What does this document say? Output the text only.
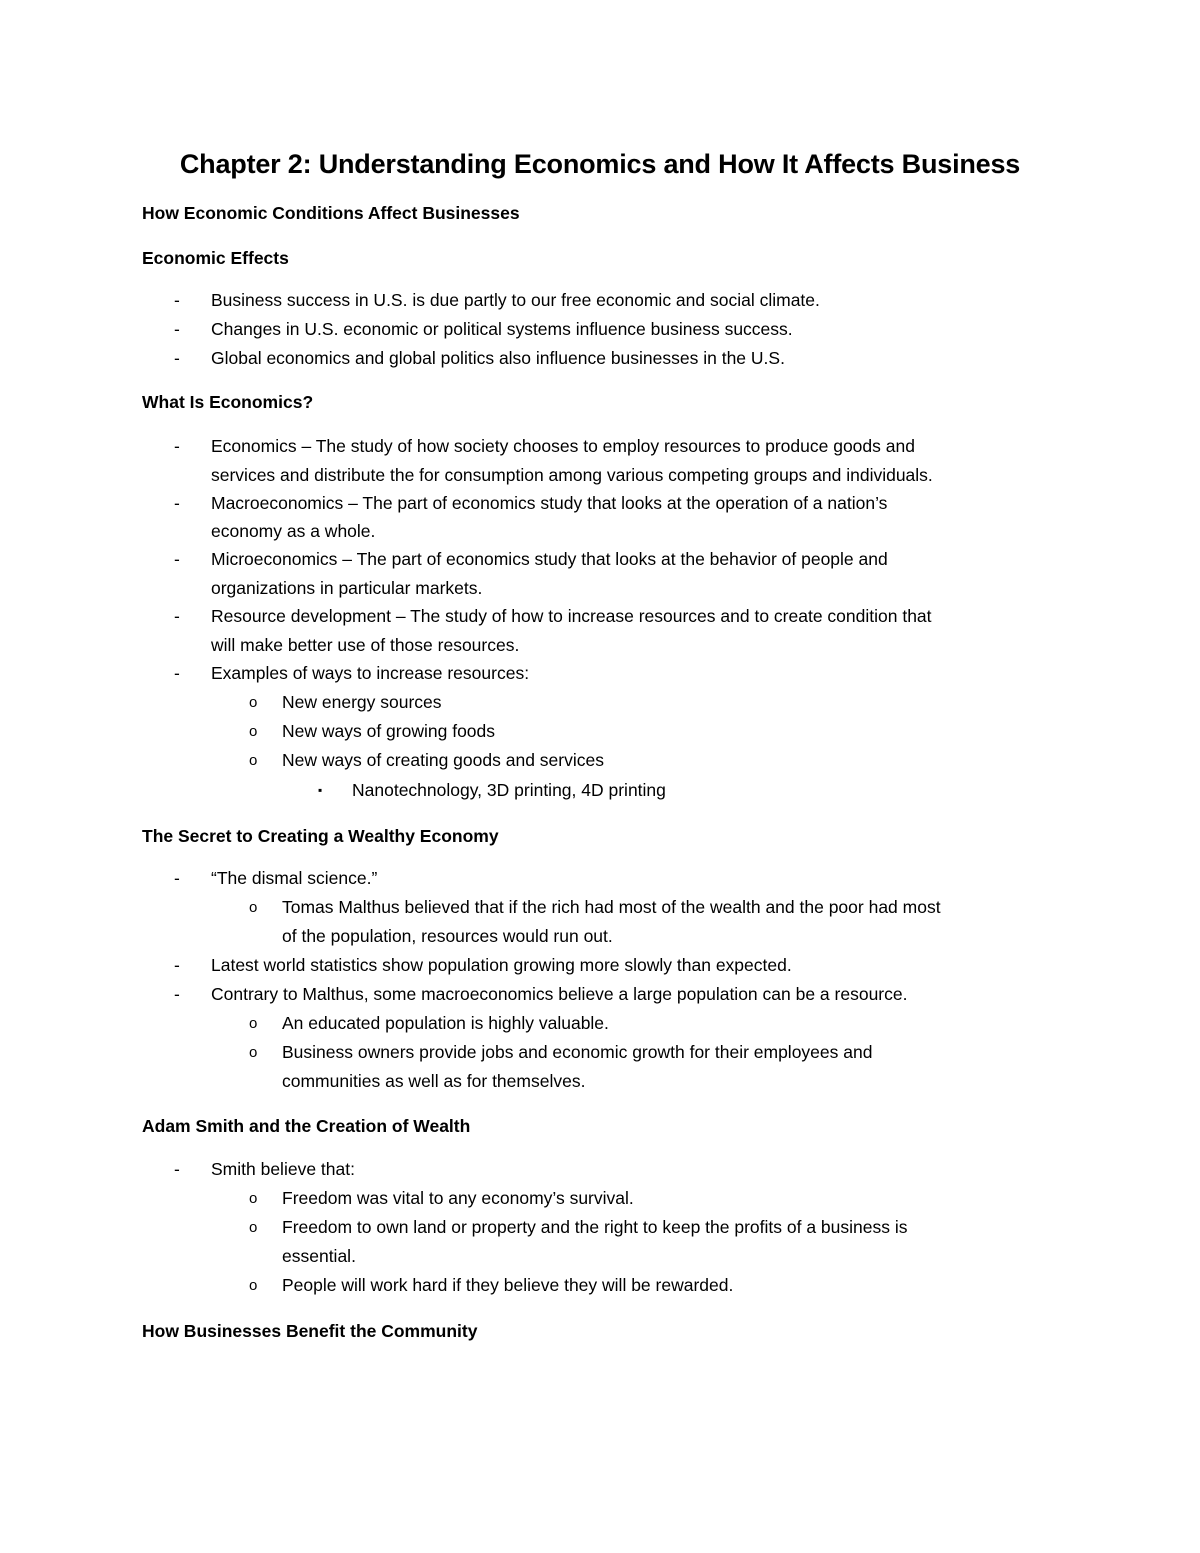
Chapter 2: Understanding Economics and How It Affects Business
How Economic Conditions Affect Businesses
Economic Effects
-	Business success in U.S. is due partly to our free economic and social climate.
-	Changes in U.S. economic or political systems influence business success.
-	Global economics and global politics also influence businesses in the U.S.
What Is Economics?
-	Economics – The study of how society chooses to employ resources to produce goods and
services and distribute the for consumption among various competing groups and individuals.
-	Macroeconomics – The part of economics study that looks at the operation of a nation’s
economy as a whole.
-	Microeconomics – The part of economics study that looks at the behavior of people and
organizations in particular markets.
-	Resource development – The study of how to increase resources and to create condition that
will make better use of those resources.
-	Examples of ways to increase resources:
o	New energy sources
o	New ways of growing foods
o	New ways of creating goods and services
▪	Nanotechnology, 3D printing, 4D printing
The Secret to Creating a Wealthy Economy
-	“The dismal science.”
o	Tomas Malthus believed that if the rich had most of the wealth and the poor had most
of the population, resources would run out.
-	Latest world statistics show population growing more slowly than expected.
-	Contrary to Malthus, some macroeconomics believe a large population can be a resource.
o	An educated population is highly valuable.
o	Business owners provide jobs and economic growth for their employees and
communities as well as for themselves.
Adam Smith and the Creation of Wealth
-	Smith believe that:
o	Freedom was vital to any economy’s survival.
o	Freedom to own land or property and the right to keep the profits of a business is
essential.
o	People will work hard if they believe they will be rewarded.
How Businesses Benefit the Community
